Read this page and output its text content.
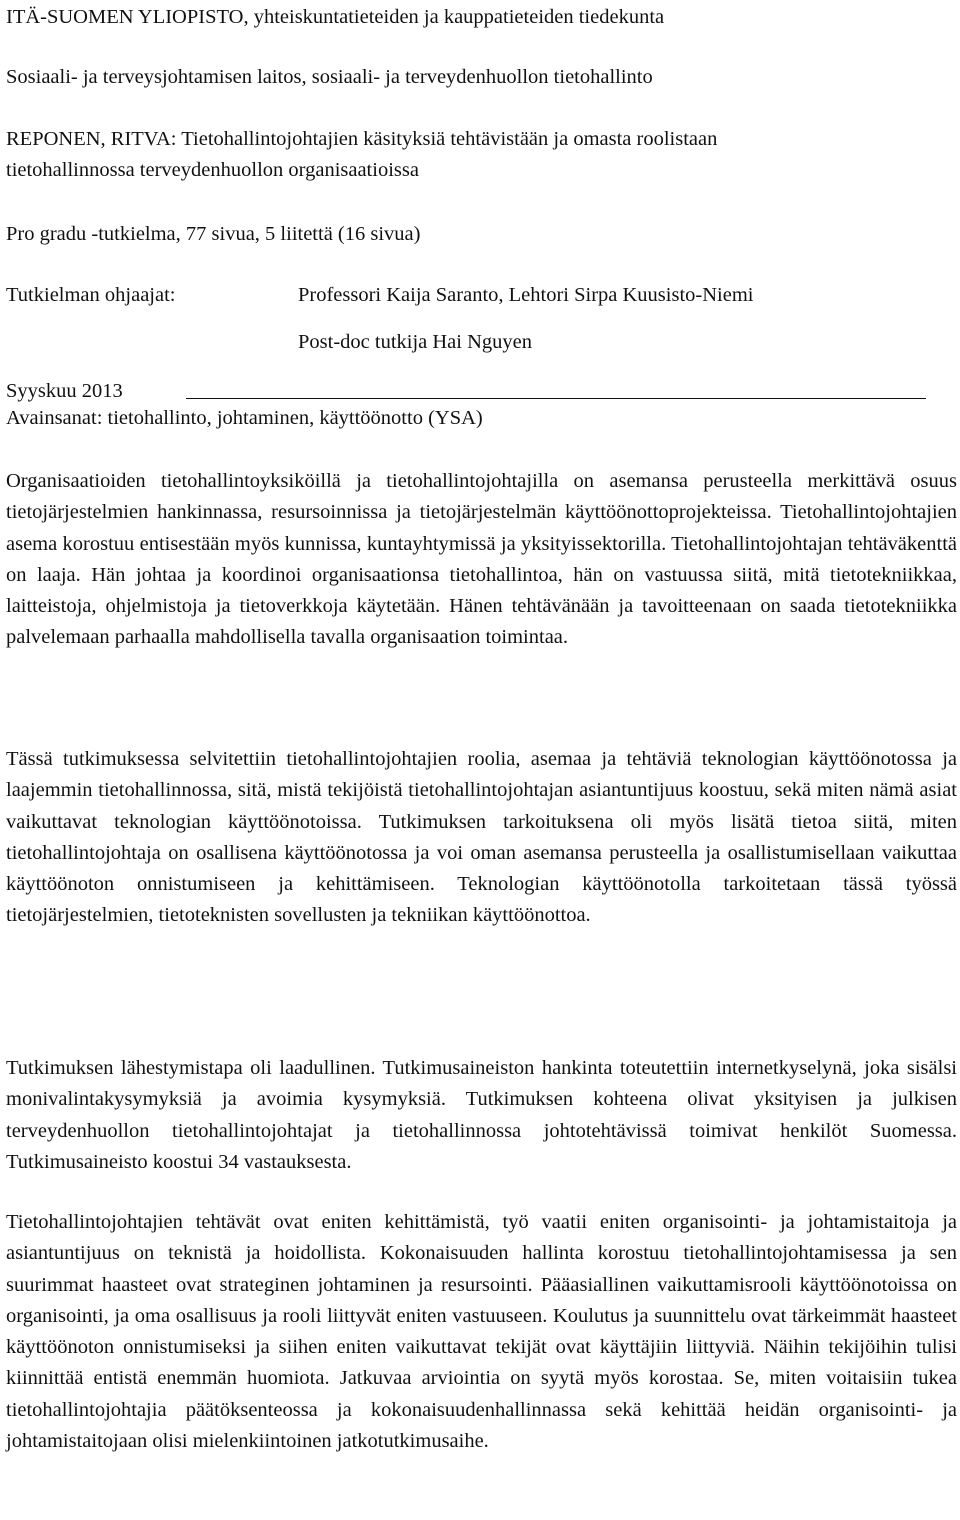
ITÄ-SUOMEN YLIOPISTO, yhteiskuntatieteiden ja kauppatieteiden tiedekunta
Sosiaali- ja terveysjohtamisen laitos, sosiaali- ja terveydenhuollon tietohallinto
REPONEN, RITVA: Tietohallintojohtajien käsityksiä tehtävistään ja omasta roolistaan
tietohallinnossa terveydenhuollon organisaatioissa
Pro gradu -tutkielma, 77 sivua, 5 liitettä (16 sivua)
Tutkielman ohjaajat:	Professori Kaija Saranto, Lehtori Sirpa Kuusisto-Niemi
Post-doc tutkija Hai Nguyen
Syyskuu 2013
Avainsanat: tietohallinto, johtaminen, käyttöönotto (YSA)

Organisaatioiden tietohallintoyksiköillä ja tietohallintojohtajilla on asemansa perusteella merkittävä osuus tietojärjestelmien hankinnassa, resursoinnissa ja tietojärjestelmän käyttöönottoprojekteissa. Tietohallintojohtajien asema korostuu entisestään myös kunnissa, kuntayhtymissä ja yksityissektorilla. Tietohallintojohtajan tehtäväkenttä on laaja. Hän johtaa ja koordinoi organisaationsa tietohallintoa, hän on vastuussa siitä, mitä tietotekniikkaa, laitteistoja, ohjelmistoja ja tietoverkkoja käytetään. Hänen tehtävänään ja tavoitteenaan on saada tietotekniikka palvelemaan parhaalla mahdollisella tavalla organisaation toimintaa.

Tässä tutkimuksessa selvitettiin tietohallintojohtajien roolia, asemaa ja tehtäviä teknologian käyttöönotossa ja laajemmin tietohallinnossa, sitä, mistä tekijöistä tietohallintojohtajan asiantuntijuus koostuu, sekä miten nämä asiat vaikuttavat teknologian käyttöönotoissa. Tutkimuksen tarkoituksena oli myös lisätä tietoa siitä, miten tietohallintojohtaja on osallisena käyttöönotossa ja voi oman asemansa perusteella ja osallistumisellaan vaikuttaa käyttöönoton onnistumiseen ja kehittämiseen. Teknologian käyttöönotolla tarkoitetaan tässä työssä tietojärjestelmien, tietoteknisten sovellusten ja tekniikan käyttöönottoa.

Tutkimuksen lähestymistapa oli laadullinen. Tutkimusaineiston hankinta toteutettiin internetkyselynä, joka sisälsi monivalintakysymyksiä ja avoimia kysymyksiä. Tutkimuksen kohteena olivat yksityisen ja julkisen terveydenhuollon tietohallintojohtajat ja tietohallinnossa johtotehtävissä toimivat henkilöt Suomessa. Tutkimusaineisto koostui 34 vastauksesta.

Tietohallintojohtajien tehtävät ovat eniten kehittämistä, työ vaatii eniten organisointi- ja johtamistaitoja ja asiantuntijuus on teknistä ja hoidollista. Kokonaisuuden hallinta korostuu tietohallintojohtamisessa ja sen suurimmat haasteet ovat strateginen johtaminen ja resursointi. Pääasiallinen vaikuttamisrooli käyttöönotoissa on organisointi, ja oma osallisuus ja rooli liittyvät eniten vastuuseen. Koulutus ja suunnittelu ovat tärkeimmät haasteet käyttöönoton onnistumiseksi ja siihen eniten vaikuttavat tekijät ovat käyttäjiin liittyviä. Näihin tekijöihin tulisi kiinnittää entistä enemmän huomiota. Jatkuvaa arviointia on syytä myös korostaa. Se, miten voitaisiin tukea tietohallintojohtajia päätöksenteossa ja kokonaisuudenhallinnassa sekä kehittää heidän organisointi- ja johtamistaitojaan olisi mielenkiintoinen jatkotutkimusaihe.
